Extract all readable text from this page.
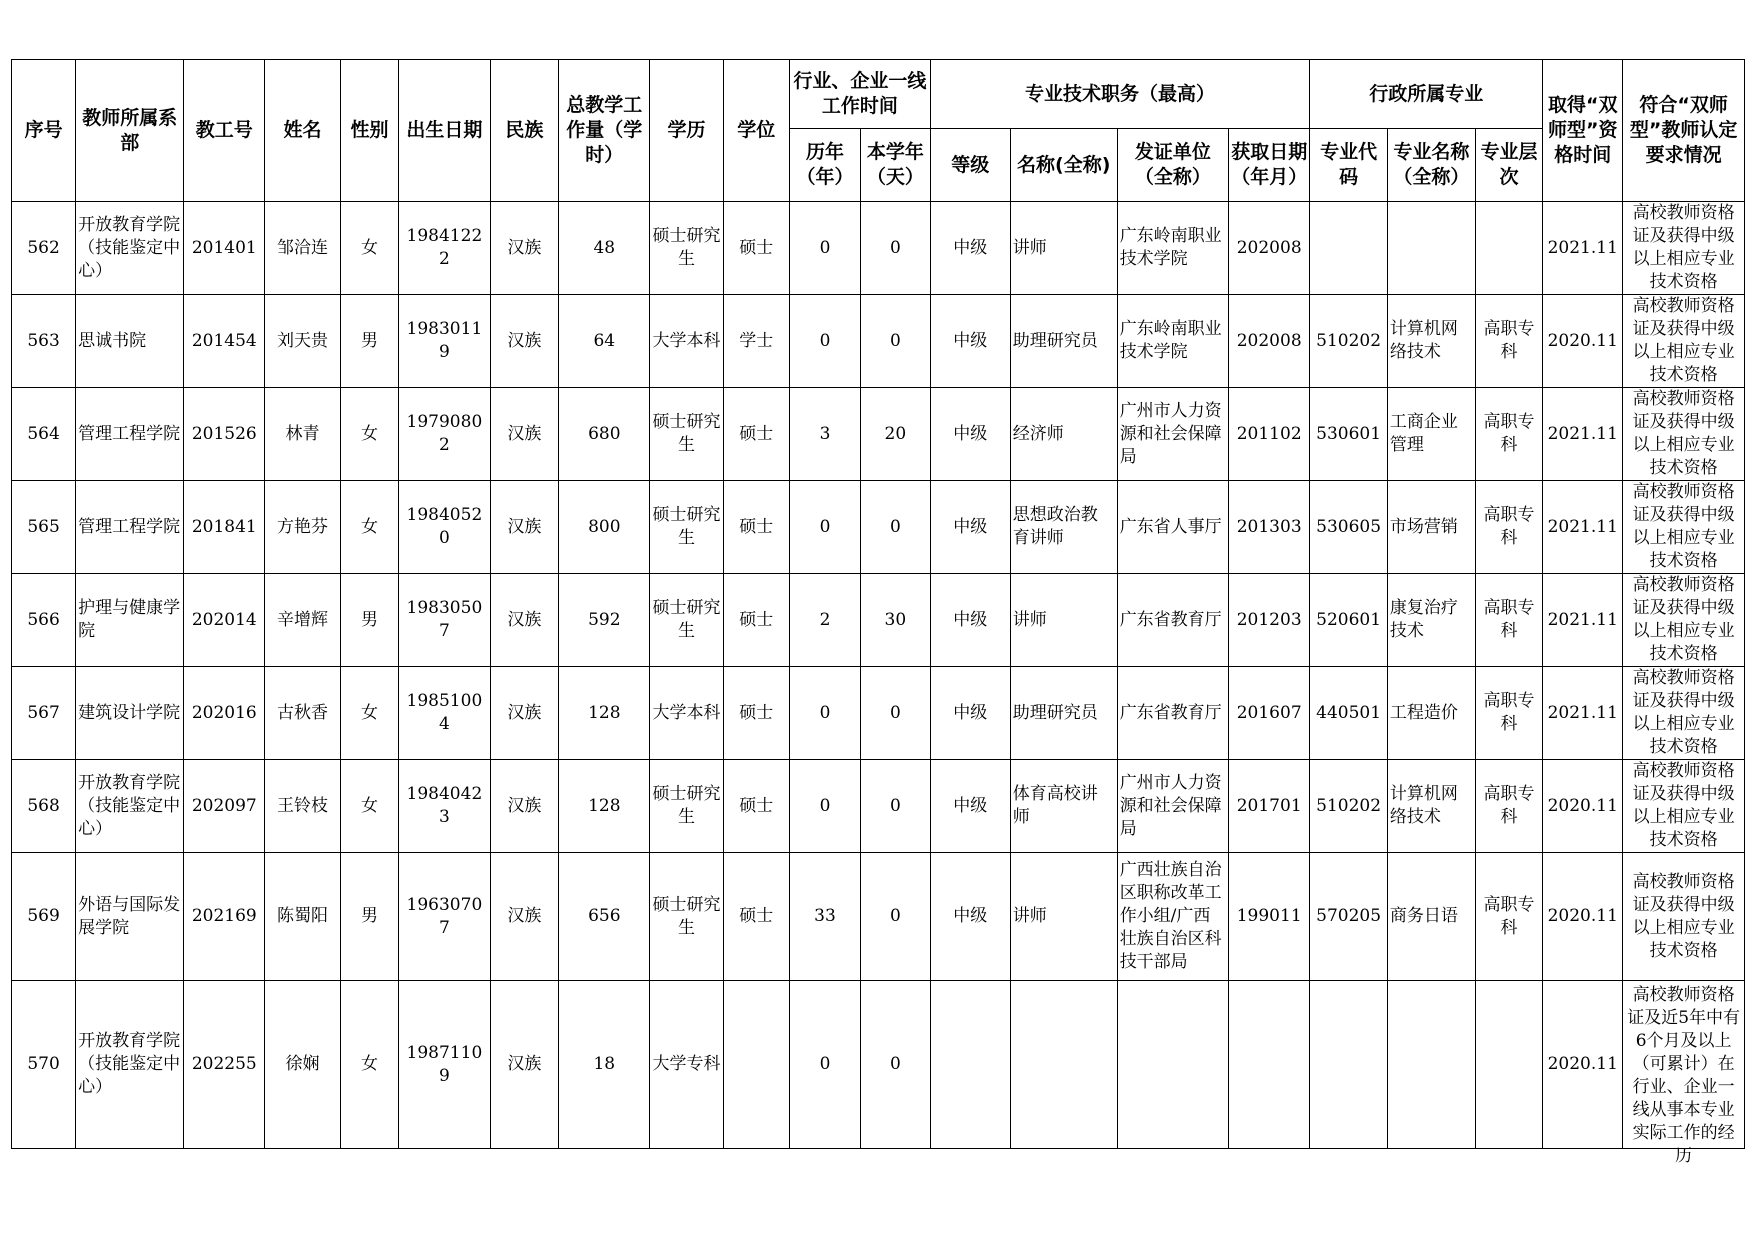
序号	教师所属系部	教工号	姓名	性别	出生日期	民族	总教学工作量（学时）	学历	学位	行业、企业一线工作时间		专业技术职务（最高）				行政所属专业			取得“双师型”资格时间	符合“双师型”教师认定要求情况

										历年（年）	本学年（天）	等级	名称(全称)	发证单位（全称）	获取日期（年月）	专业代码	专业名称（全称）	专业层次		

562	开放教育学院（技能鉴定中心）	201401	邹洽连	女	19841222	汉族	48	硕士研究生	硕士	0	0	中级	讲师	广东岭南职业技术学院	202008				2021.11	高校教师资格证及获得中级以上相应专业技术资格

563	思诚书院	201454	刘天贵	男	19830119	汉族	64	大学本科	学士	0	0	中级	助理研究员	广东岭南职业技术学院	202008	510202	计算机网络技术	高职专科	2020.11	高校教师资格证及获得中级以上相应专业技术资格

564	管理工程学院	201526	林青	女	19790802	汉族	680	硕士研究生	硕士	3	20	中级	经济师	广州市人力资源和社会保障局	201102	530601	工商企业管理	高职专科	2021.11	高校教师资格证及获得中级以上相应专业技术资格

565	管理工程学院	201841	方艳芬	女	19840520	汉族	800	硕士研究生	硕士	0	0	中级	思想政治教育讲师	广东省人事厅	201303	530605	市场营销	高职专科	2021.11	高校教师资格证及获得中级以上相应专业技术资格

566	护理与健康学院	202014	辛增辉	男	19830507	汉族	592	硕士研究生	硕士	2	30	中级	讲师	广东省教育厅	201203	520601	康复治疗技术	高职专科	2021.11	高校教师资格证及获得中级以上相应专业技术资格

567	建筑设计学院	202016	古秋香	女	19851004	汉族	128	大学本科	硕士	0	0	中级	助理研究员	广东省教育厅	201607	440501	工程造价	高职专科	2021.11	高校教师资格证及获得中级以上相应专业技术资格

568	开放教育学院（技能鉴定中心）	202097	王铃枝	女	19840423	汉族	128	硕士研究生	硕士	0	0	中级	体育高校讲师	广州市人力资源和社会保障局	201701	510202	计算机网络技术	高职专科	2020.11	高校教师资格证及获得中级以上相应专业技术资格

569	外语与国际发展学院	202169	陈蜀阳	男	19630707	汉族	656	硕士研究生	硕士	33	0	中级	讲师	广西壮族自治区职称改革工作小组/广西壮族自治区科技干部局	199011	570205	商务日语	高职专科	2020.11	高校教师资格证及获得中级以上相应专业技术资格

570	开放教育学院（技能鉴定中心）	202255	徐娴	女	19871109	汉族	18	大学专科		0	0								2020.11	高校教师资格证及近5年中有6个月及以上（可累计）在行业、企业一线从事本专业实际工作的经历
